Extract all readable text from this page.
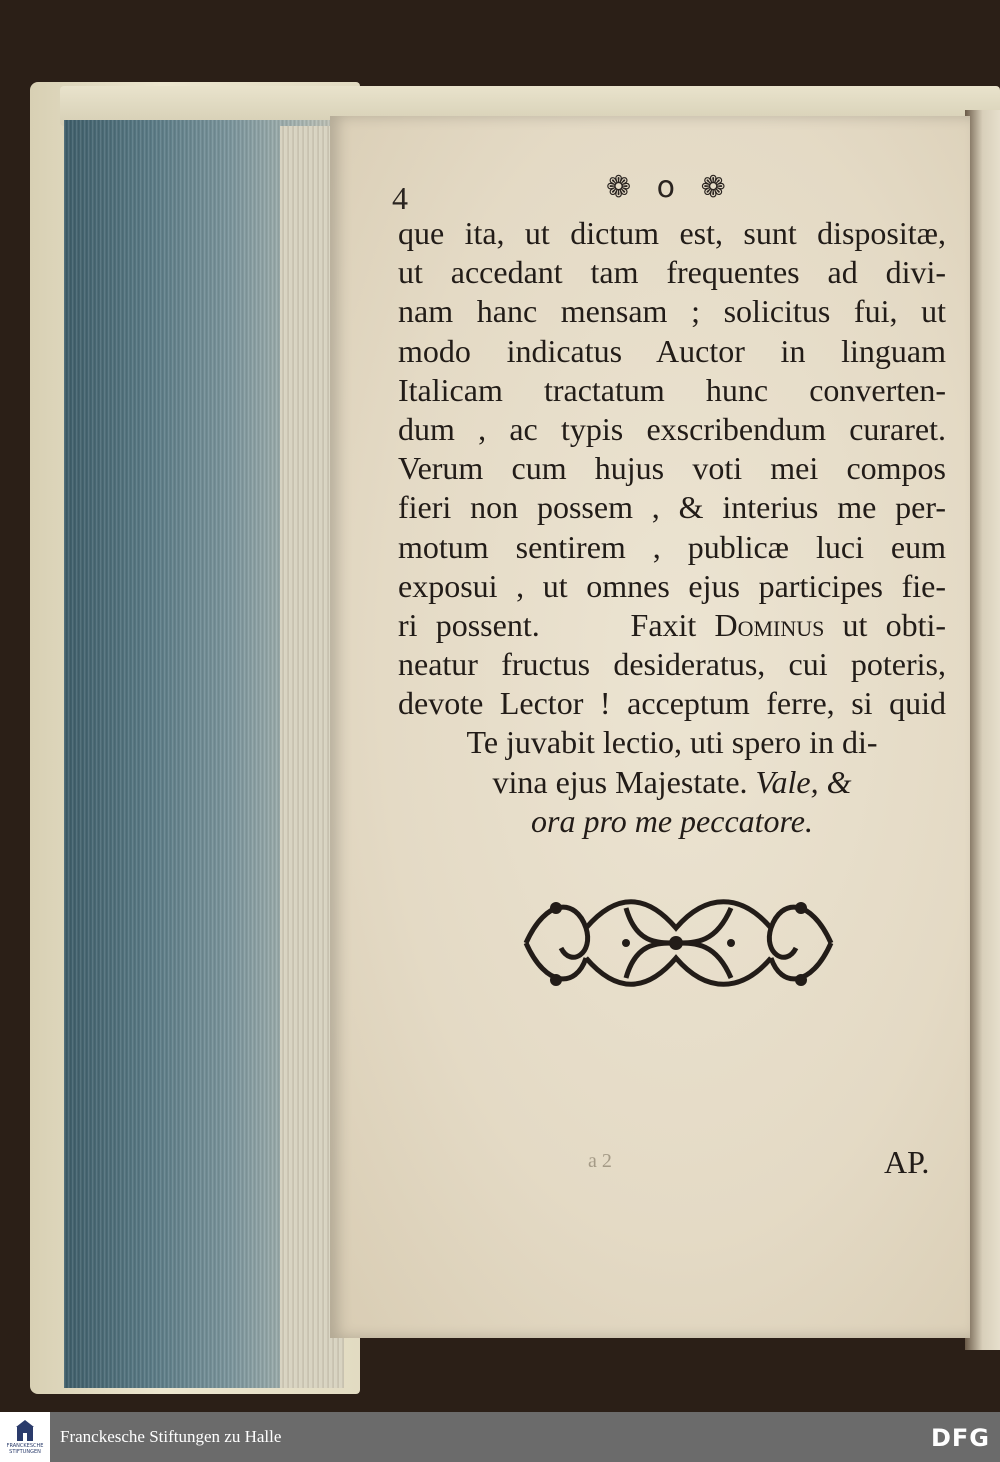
4	❁ o ❁
que ita, ut dictum est, sunt dispositæ,
ut accedant tam frequentes ad divi-
nam hanc mensam ; solicitus fui, ut
modo indicatus Auctor in linguam
Italicam tractatum hunc converten-
dum , ac typis exscribendum curaret.
Verum cum hujus voti mei compos
fieri non possem , & interius me per-
motum sentirem , publicæ luci eum
exposui , ut omnes ejus participes fie-
ri possent.	Faxit Dominus ut obti-
neatur fructus desideratus, cui poteris,
devote Lector ! acceptum ferre, si quid
Te juvabit lectio, uti spero in di-
vina ejus Majestate. Vale, &
ora pro me peccatore.
a 2	AP.
FRANCKESCHE STIFTUNGEN
Franckesche Stiftungen zu Halle	DFG
